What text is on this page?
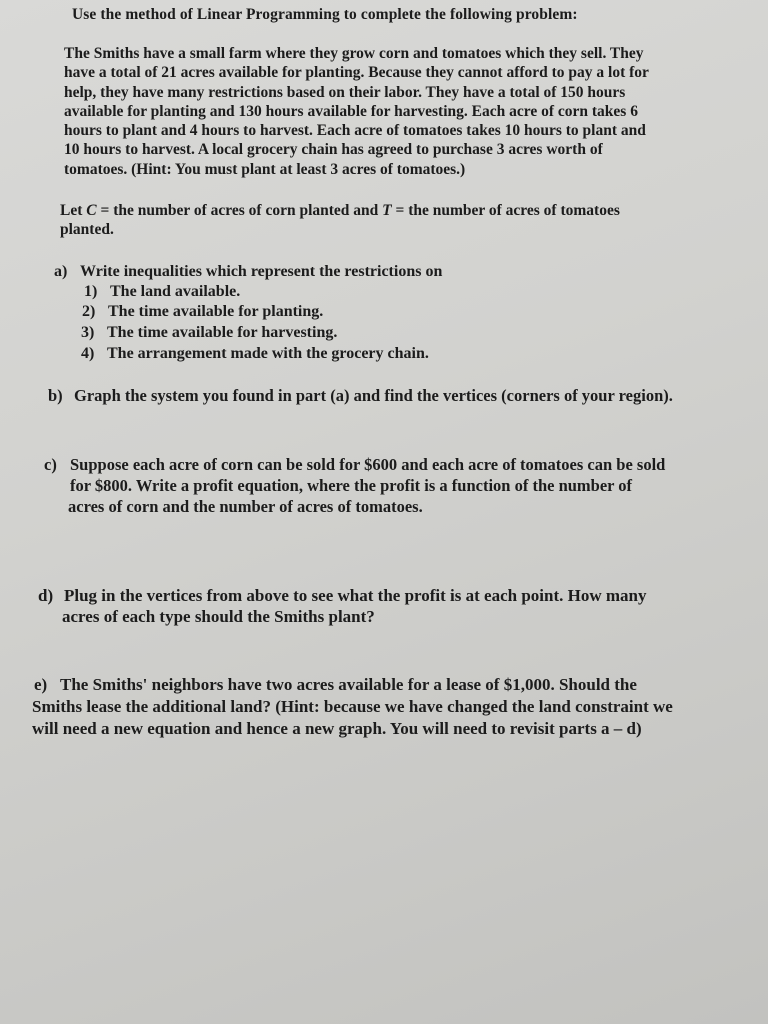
Use the method of Linear Programming to complete the following problem:
The Smiths have a small farm where they grow corn and tomatoes which they sell. They
have a total of 21 acres available for planting. Because they cannot afford to pay a lot for
help, they have many restrictions based on their labor. They have a total of 150 hours
available for planting and 130 hours available for harvesting. Each acre of corn takes 6
hours to plant and 4 hours to harvest. Each acre of tomatoes takes 10 hours to plant and
10 hours to harvest. A local grocery chain has agreed to purchase 3 acres worth of
tomatoes. (Hint: You must plant at least 3 acres of tomatoes.)
Let C = the number of acres of corn planted and T = the number of acres of tomatoes
planted.
a) Write inequalities which represent the restrictions on
1) The land available.
2) The time available for planting.
3) The time available for harvesting.
4) The arrangement made with the grocery chain.
b) Graph the system you found in part (a) and find the vertices (corners of your region).
c) Suppose each acre of corn can be sold for $600 and each acre of tomatoes can be sold
for $800. Write a profit equation, where the profit is a function of the number of
acres of corn and the number of acres of tomatoes.
d) Plug in the vertices from above to see what the profit is at each point. How many
acres of each type should the Smiths plant?
e) The Smiths' neighbors have two acres available for a lease of $1,000. Should the
Smiths lease the additional land? (Hint: because we have changed the land constraint we
will need a new equation and hence a new graph. You will need to revisit parts a – d)
